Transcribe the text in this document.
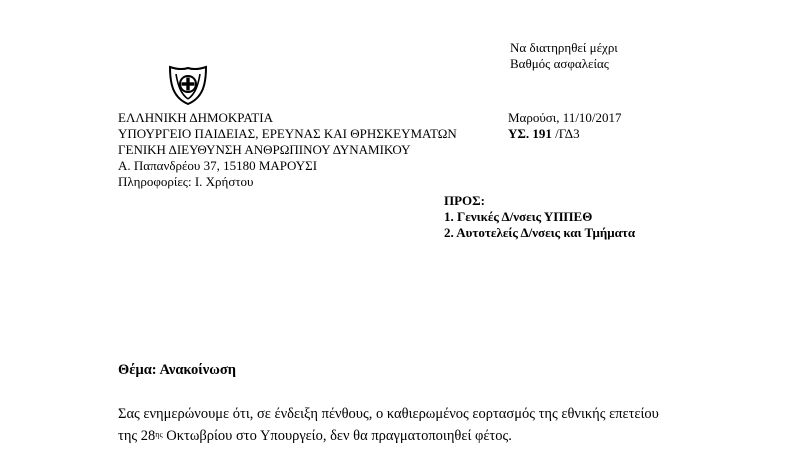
Να διατηρηθεί μέχρι
Βαθμός ασφαλείας
ΕΛΛΗΝΙΚΗ ΔΗΜΟΚΡΑΤΙΑ
ΥΠΟΥΡΓΕΙΟ ΠΑΙΔΕΙΑΣ, ΕΡΕΥΝΑΣ ΚΑΙ ΘΡΗΣΚΕΥΜΑΤΩΝ
ΓΕΝΙΚΗ ΔΙΕΥΘΥΝΣΗ ΑΝΘΡΩΠΙΝΟΥ ΔΥΝΑΜΙΚΟΥ
Α. Παπανδρέου 37, 15180 ΜΑΡΟΥΣΙ
Πληροφορίες: Ι. Χρήστου
Μαρούσι, 11/10/2017
ΥΣ. 191 /ΓΔ3
ΠΡΟΣ:
1. Γενικές Δ/νσεις ΥΠΠΕΘ
2. Αυτοτελείς Δ/νσεις και Τμήματα
Θέμα: Ανακοίνωση
Σας ενημερώνουμε ότι, σε ένδειξη πένθους, ο καθιερωμένος εορτασμός της εθνικής επετείου
της $28^{\eta\varsigma}$ Οκτωβρίου στο Υπουργείο, δεν θα πραγματοποιηθεί φέτος.
